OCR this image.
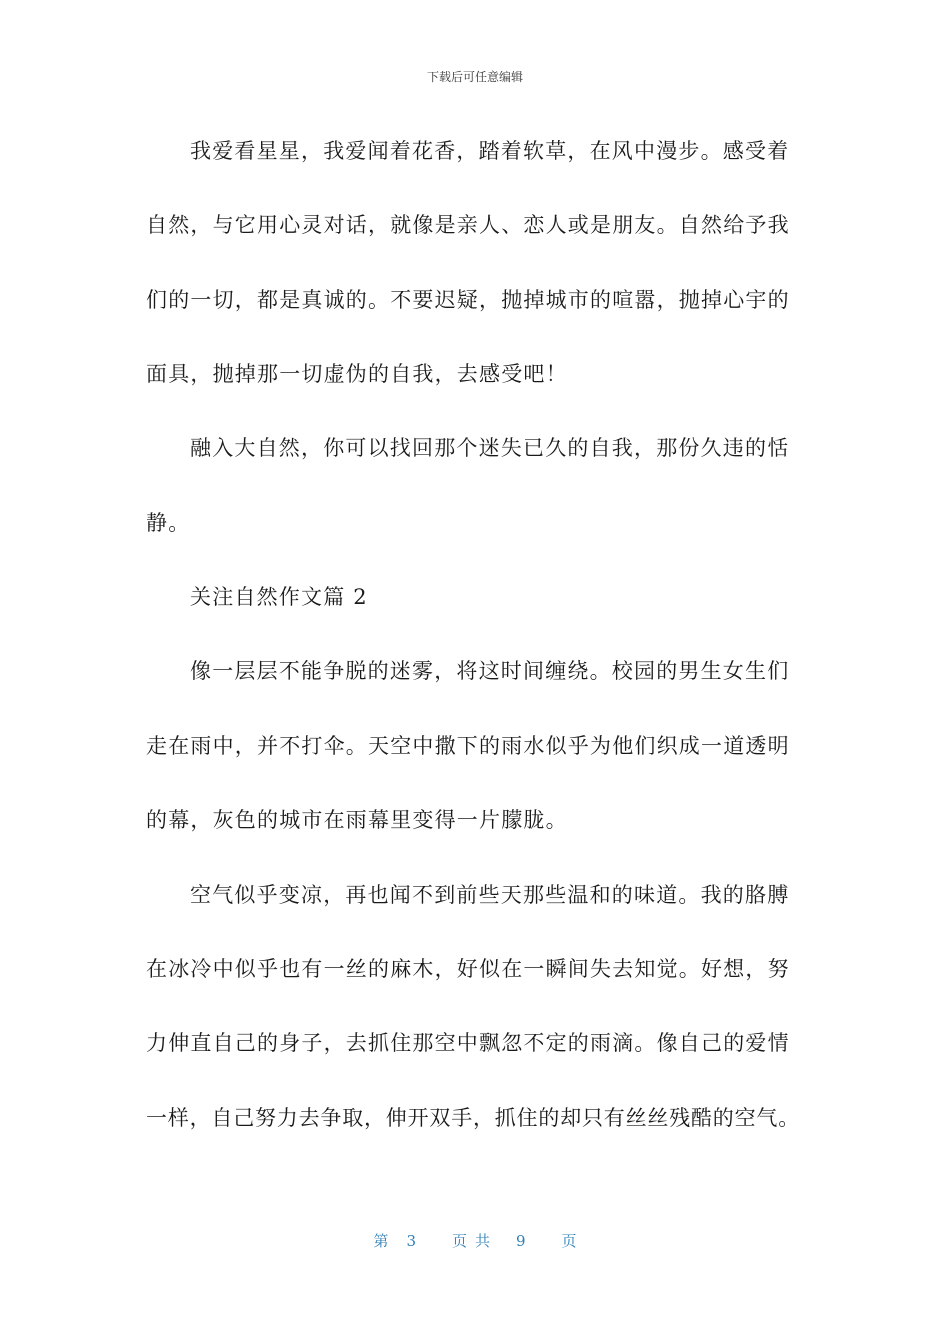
下载后可任意编辑
我爱看星星，我爱闻着花香，踏着软草，在风中漫步。感受着
自然，与它用心灵对话，就像是亲人、恋人或是朋友。自然给予我
们的一切，都是真诚的。不要迟疑，抛掉城市的喧嚣，抛掉心宇的
面具，抛掉那一切虚伪的自我，去感受吧！
融入大自然，你可以找回那个迷失已久的自我，那份久违的恬
静。
关注自然作文篇 2
像一层层不能争脱的迷雾，将这时间缠绕。校园的男生女生们
走在雨中，并不打伞。天空中撒下的雨水似乎为他们织成一道透明
的幕，灰色的城市在雨幕里变得一片朦胧。
空气似乎变凉，再也闻不到前些天那些温和的味道。我的胳膊
在冰冷中似乎也有一丝的麻木，好似在一瞬间失去知觉。好想，努
力伸直自己的身子，去抓住那空中飘忽不定的雨滴。像自己的爱情
一样，自己努力去争取，伸开双手，抓住的却只有丝丝残酷的空气。
第 3 页共 9 页
